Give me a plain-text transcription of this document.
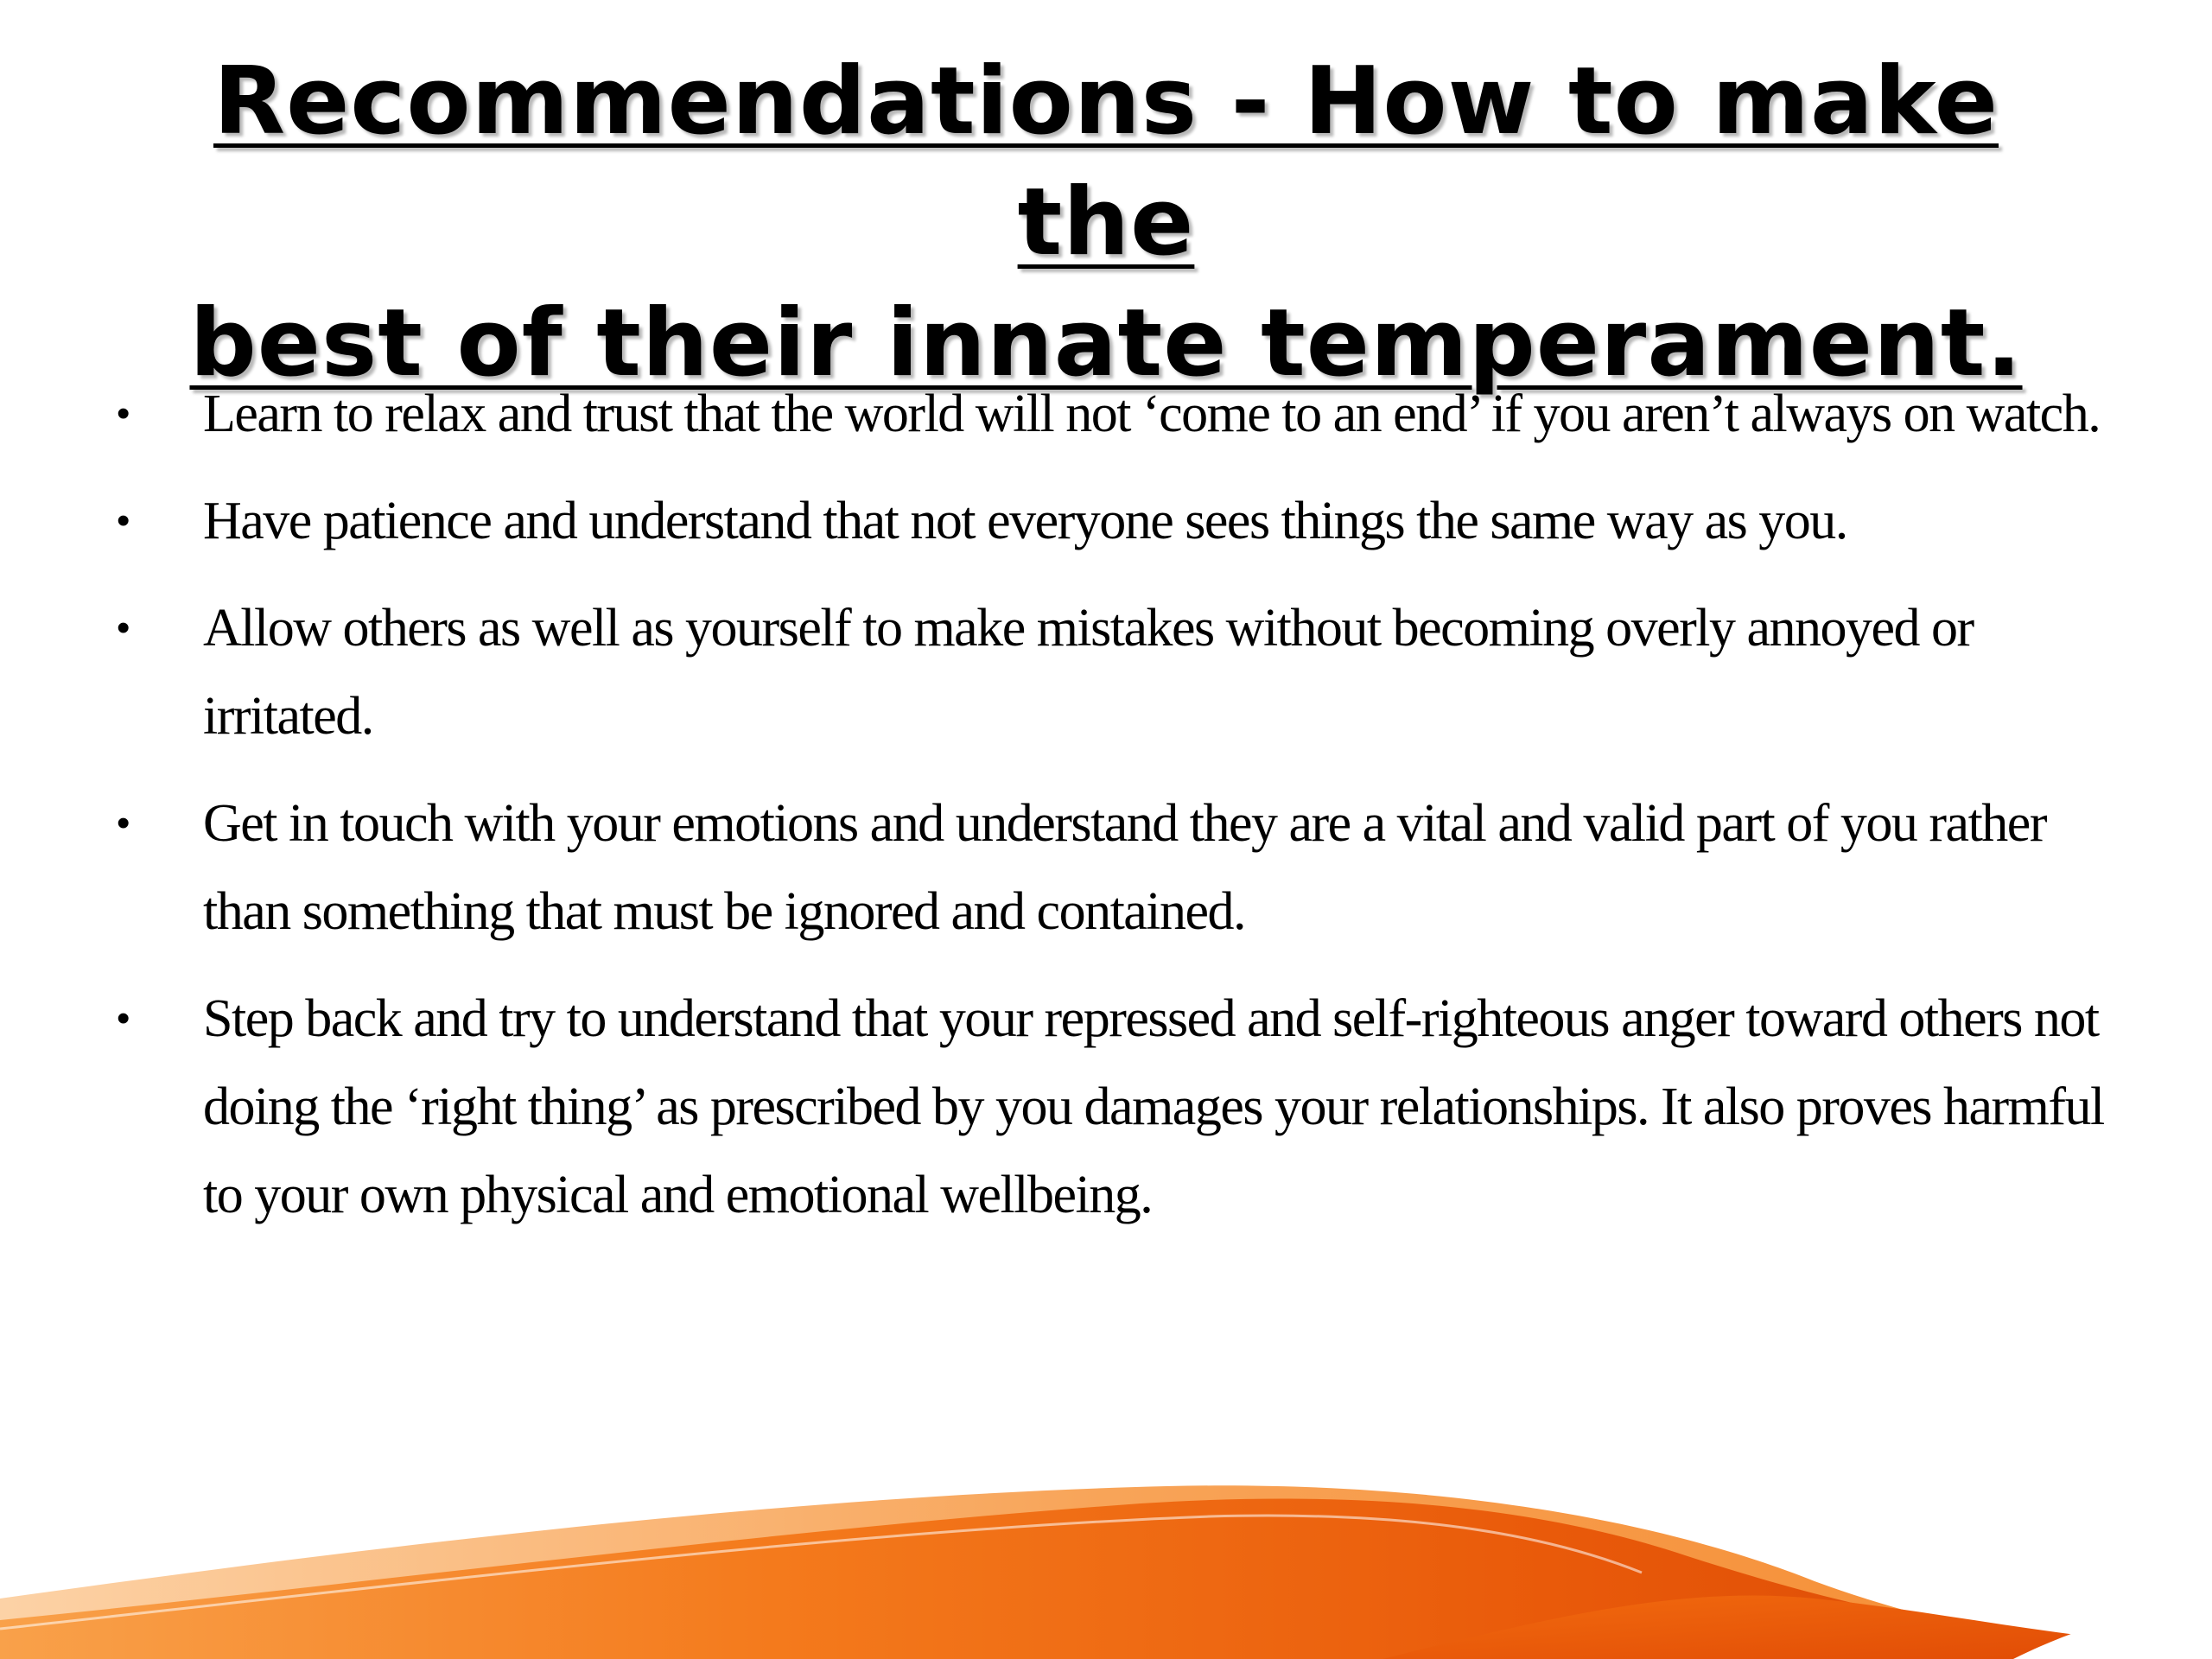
Recommendations - How to make the
best of their innate temperament.
•	Learn to relax and trust that the world will not ‘come to an end’ if you aren’t always on watch.
•	Have patience and understand that not everyone sees things the same way as you.
•	Allow others as well as yourself to make mistakes without becoming overly annoyed or irritated.
•	Get in touch with your emotions and understand they are a vital and valid part of you rather than something that must be ignored and contained.
•	Step back and try to understand that your repressed and self-righteous anger toward others not doing the ‘right thing’ as prescribed by you damages your relationships. It also proves harmful to your own physical and emotional wellbeing.
